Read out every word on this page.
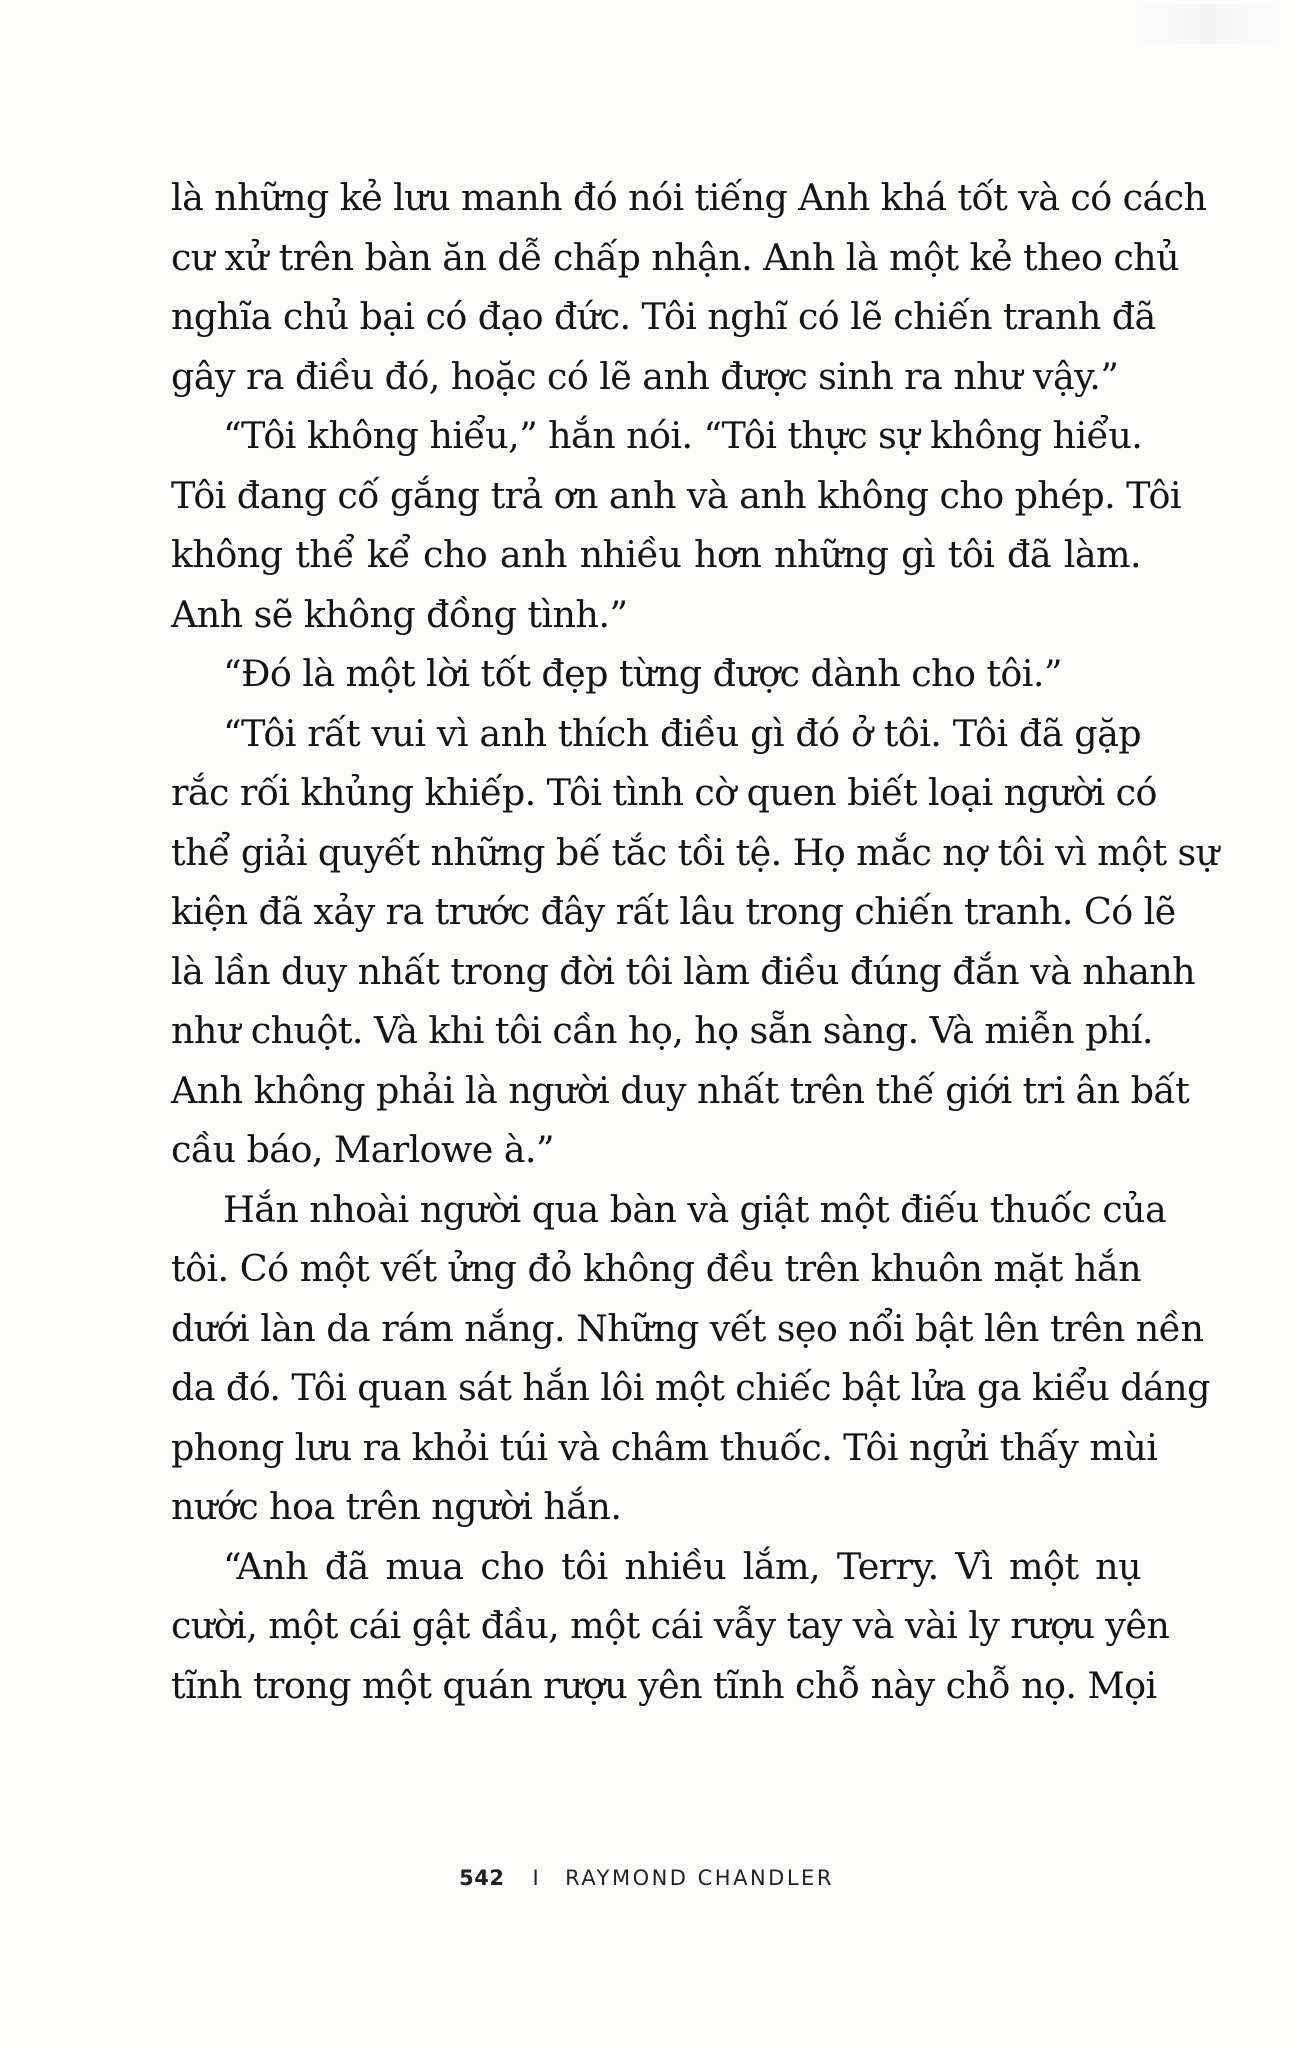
là những kẻ lưu manh đó nói tiếng Anh khá tốt và có cách
cư xử trên bàn ăn dễ chấp nhận. Anh là một kẻ theo chủ
nghĩa chủ bại có đạo đức. Tôi nghĩ có lẽ chiến tranh đã
gây ra điều đó, hoặc có lẽ anh được sinh ra như vậy.”
“Tôi không hiểu,” hắn nói. “Tôi thực sự không hiểu.
Tôi đang cố gắng trả ơn anh và anh không cho phép. Tôi
không thể kể cho anh nhiều hơn những gì tôi đã làm.
Anh sẽ không đồng tình.”
“Đó là một lời tốt đẹp từng được dành cho tôi.”
“Tôi rất vui vì anh thích điều gì đó ở tôi. Tôi đã gặp
rắc rối khủng khiếp. Tôi tình cờ quen biết loại người có
thể giải quyết những bế tắc tồi tệ. Họ mắc nợ tôi vì một sự
kiện đã xảy ra trước đây rất lâu trong chiến tranh. Có lẽ
là lần duy nhất trong đời tôi làm điều đúng đắn và nhanh
như chuột. Và khi tôi cần họ, họ sẵn sàng. Và miễn phí.
Anh không phải là người duy nhất trên thế giới tri ân bất
cầu báo, Marlowe à.”
Hắn nhoài người qua bàn và giật một điếu thuốc của
tôi. Có một vết ửng đỏ không đều trên khuôn mặt hắn
dưới làn da rám nắng. Những vết sẹo nổi bật lên trên nền
da đó. Tôi quan sát hắn lôi một chiếc bật lửa ga kiểu dáng
phong lưu ra khỏi túi và châm thuốc. Tôi ngửi thấy mùi
nước hoa trên người hắn.
“Anh đã mua cho tôi nhiều lắm, Terry. Vì một nụ
cười, một cái gật đầu, một cái vẫy tay và vài ly rượu yên
tĩnh trong một quán rượu yên tĩnh chỗ này chỗ nọ. Mọi
542 I RAYMOND CHANDLER
